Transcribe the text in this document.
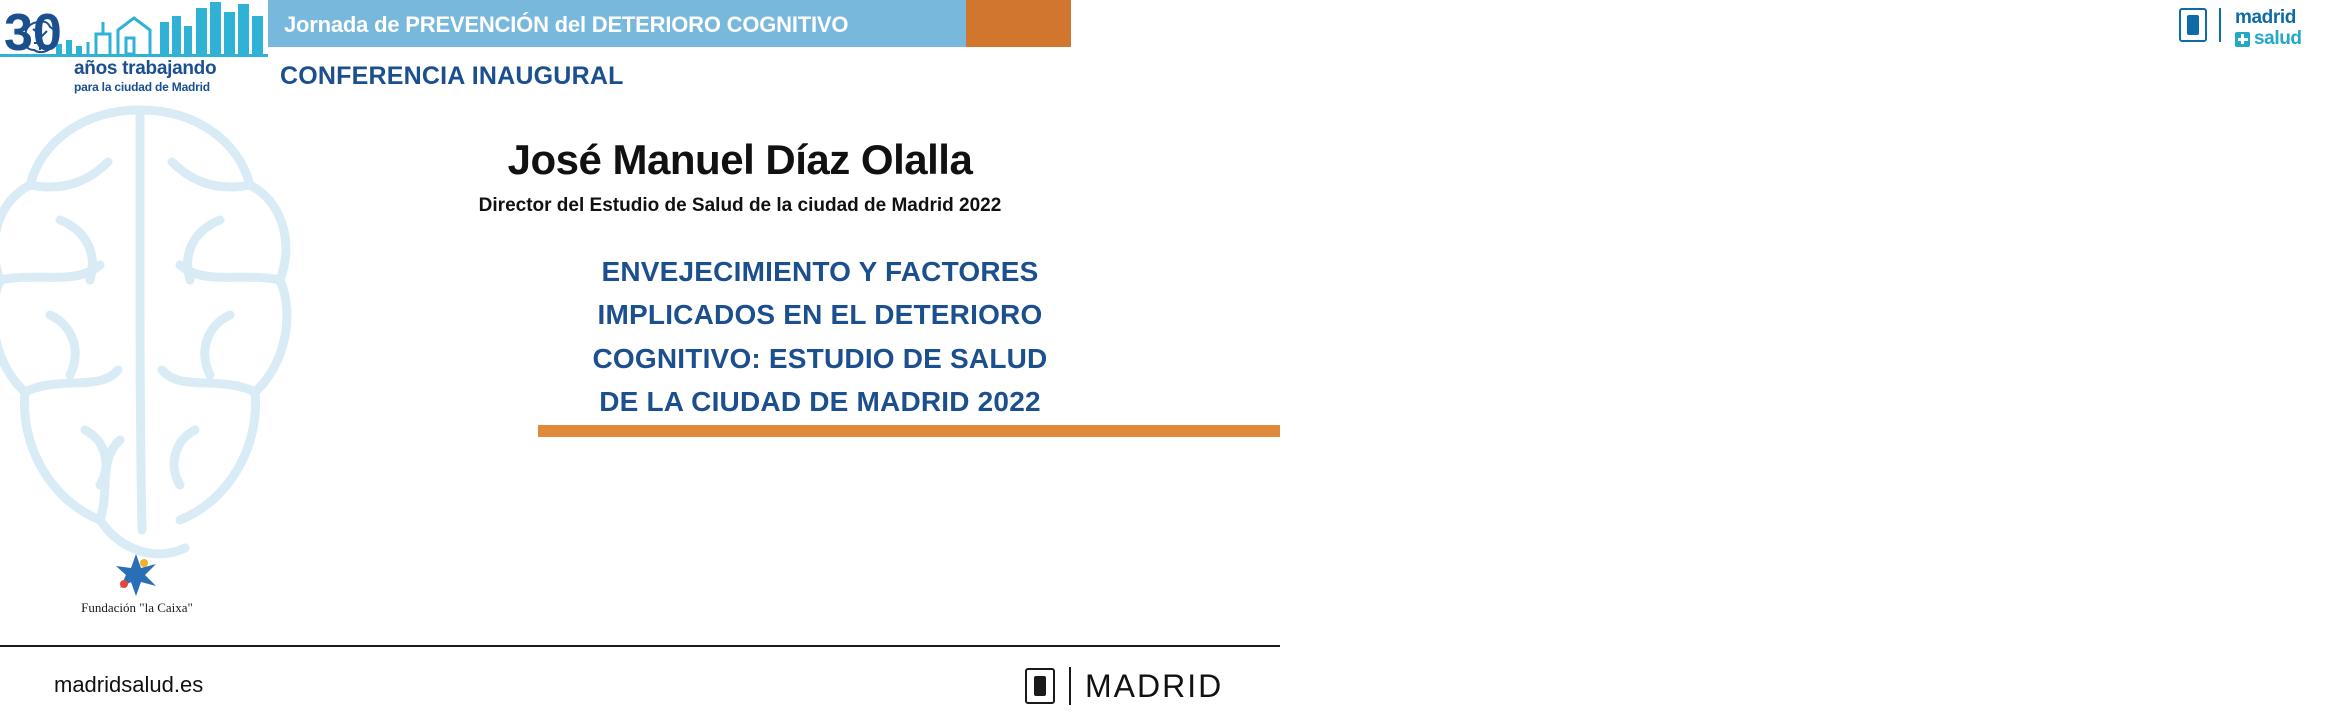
30
años trabajando
para la ciudad de Madrid
Jornada de PREVENCIÓN del DETERIORO COGNITIVO	madrid
salud
CONFERENCIA INAUGURAL
José Manuel Díaz Olalla
Director del Estudio de Salud de la ciudad de Madrid 2022
ENVEJECIMIENTO Y FACTORES
IMPLICADOS EN EL DETERIORO
COGNITIVO: ESTUDIO DE SALUD
DE LA CIUDAD DE MADRID 2022
Fundación "la Caixa"
madridsalud.es	MADRID
